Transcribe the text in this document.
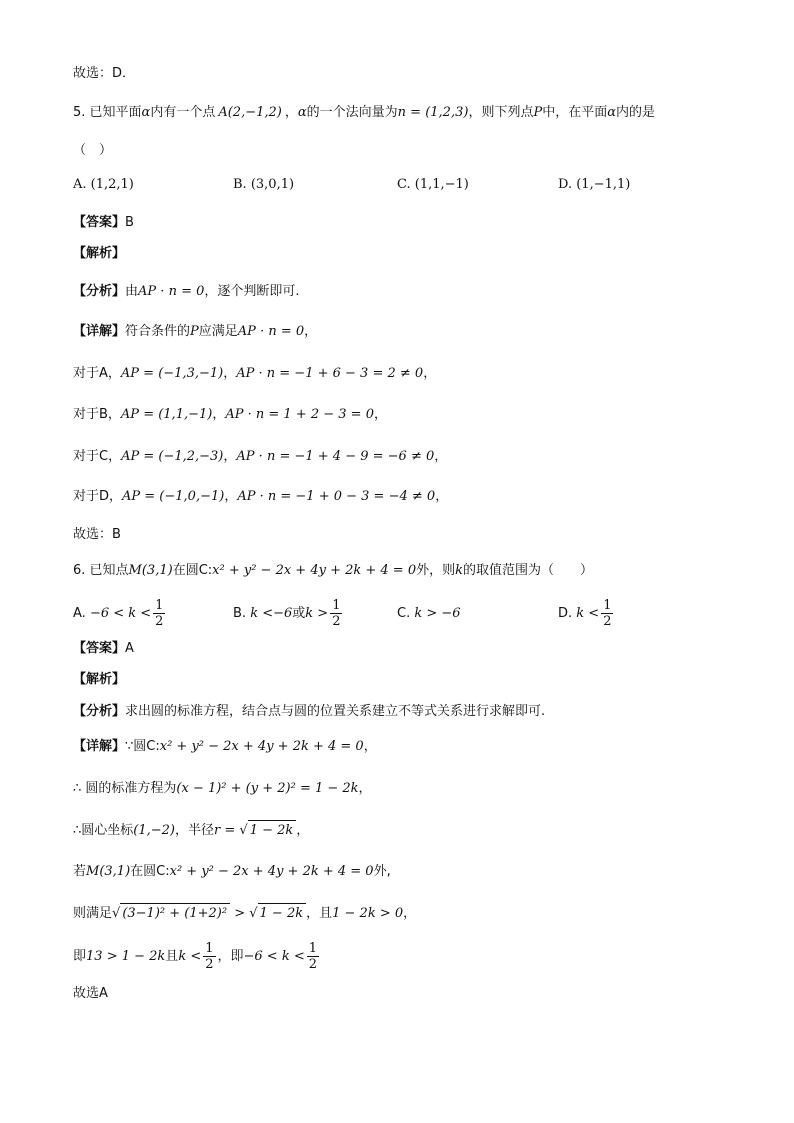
故选：D．
5. 已知平面α内有一个点 A(2,−1,2) ，α的一个法向量为n = (1,2,3)，则下列点P中，在平面α内的是
（　）
A. (1,2,1)	B. (3,0,1)	C. (1,1,−1)	D. (1,−1,1)
【答案】B
【解析】
【分析】由AP · n = 0，逐个判断即可.
【详解】符合条件的P应满足AP · n = 0，
对于A，AP = (−1,3,−1)，AP · n = −1 + 6 − 3 = 2 ≠ 0，
对于B，AP = (1,1,−1)，AP · n = 1 + 2 − 3 = 0，
对于C，AP = (−1,2,−3)，AP · n = −1 + 4 − 9 = −6 ≠ 0，
对于D，AP = (−1,0,−1)，AP · n = −1 + 0 − 3 = −4 ≠ 0，
故选：B
6. 已知点M(3,1)在圆C:x² + y² − 2x + 4y + 2k + 4 = 0外，则k的取值范围为（　　）
A. $-6 < k < \frac{1}{2}$	B. k <−6或$k > \frac{1}{2}$	C. k > −6	D. $k < \frac{1}{2}$
【答案】A
【解析】
【分析】求出圆的标准方程，结合点与圆的位置关系建立不等式关系进行求解即可.
【详解】∵圆C:x² + y² − 2x + 4y + 2k + 4 = 0，
∴ 圆的标准方程为(x − 1)² + (y + 2)² = 1 − 2k，
∴圆心坐标(1,−2)，半径r = √ 1 − 2k ，
若M(3,1)在圆C:x² + y² − 2x + 4y + 2k + 4 = 0外,
则满足√ (3−1)² + (1+2)² > √ 1 − 2k ，且1 − 2k > 0，
即13 > 1 − 2k且$k < \frac{1}{2}$ ，即$-6 < k < \frac{1}{2}$
故选A
